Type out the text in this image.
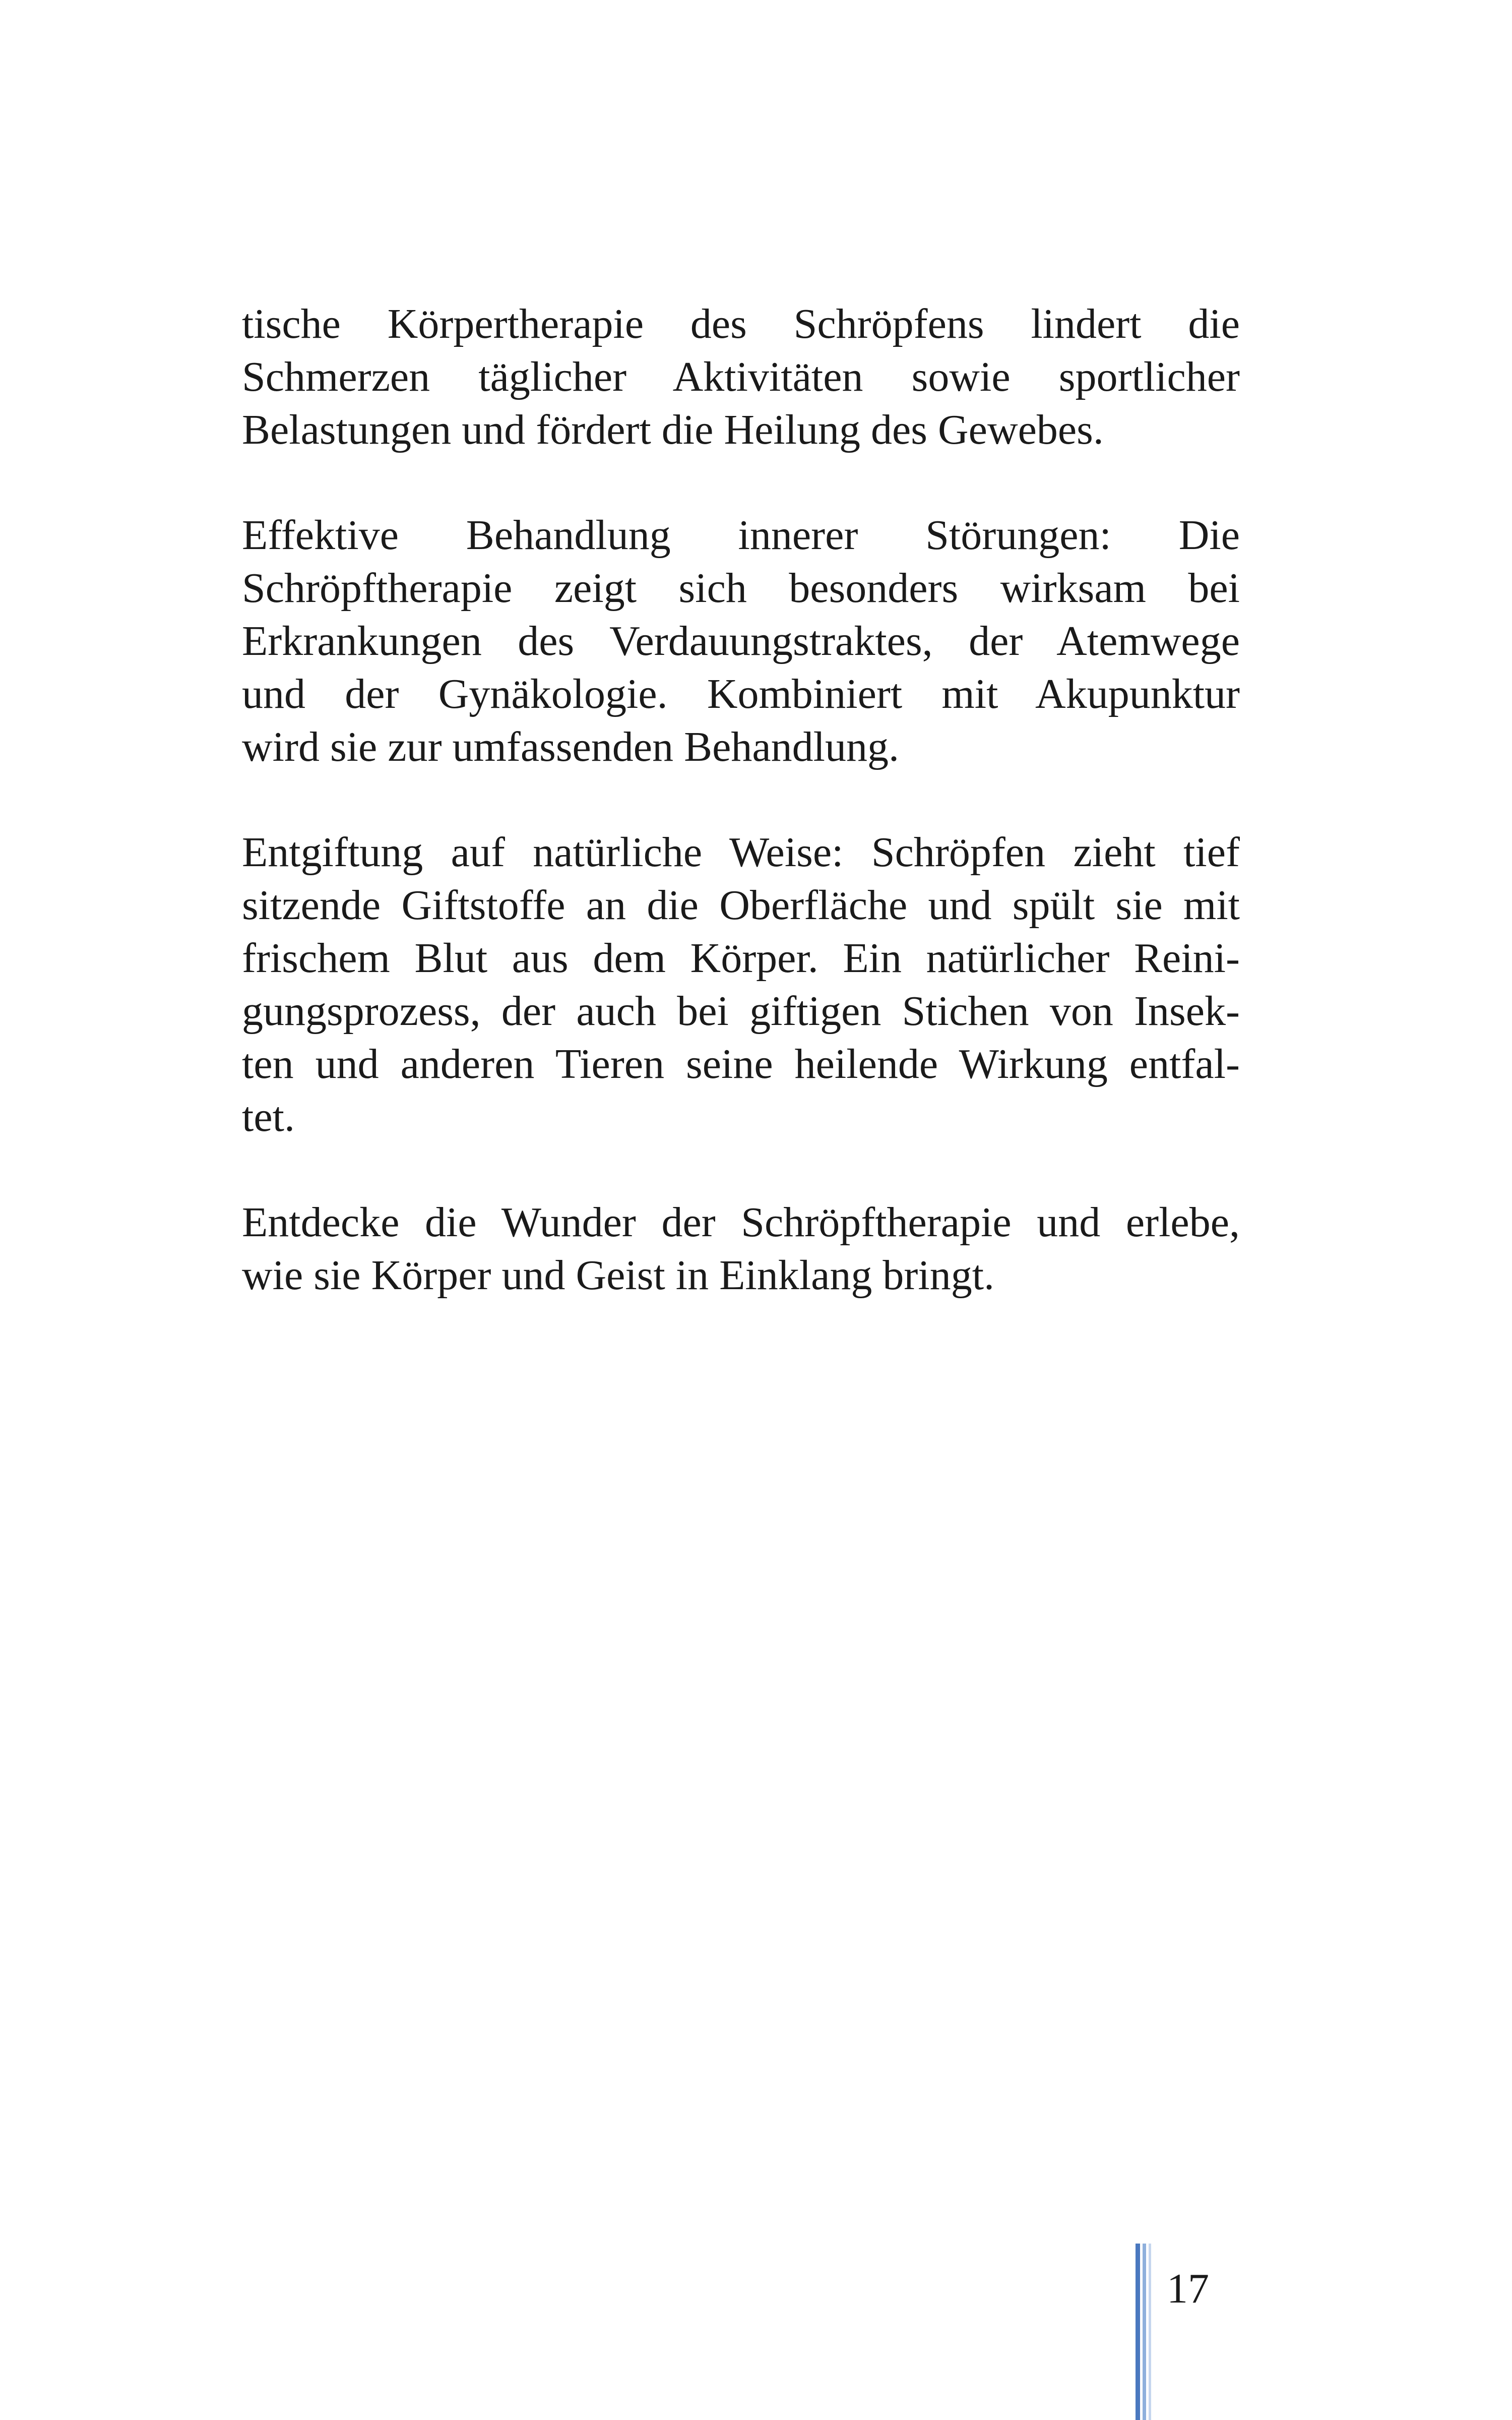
tische Körpertherapie des Schröpfens lindert die
Schmerzen täglicher Aktivitäten sowie sportlicher
Belastungen und fördert die Heilung des Gewebes.

Effektive Behandlung innerer Störungen: Die
Schröpftherapie zeigt sich besonders wirksam bei
Erkrankungen des Verdauungstraktes, der Atemwege
und der Gynäkologie. Kombiniert mit Akupunktur
wird sie zur umfassenden Behandlung.

Entgiftung auf natürliche Weise: Schröpfen zieht tief
sitzende Giftstoffe an die Oberfläche und spült sie mit
frischem Blut aus dem Körper. Ein natürlicher Reini-
gungsprozess, der auch bei giftigen Stichen von Insek-
ten und anderen Tieren seine heilende Wirkung entfal-
tet.

Entdecke die Wunder der Schröpftherapie und erlebe,
wie sie Körper und Geist in Einklang bringt.

17
